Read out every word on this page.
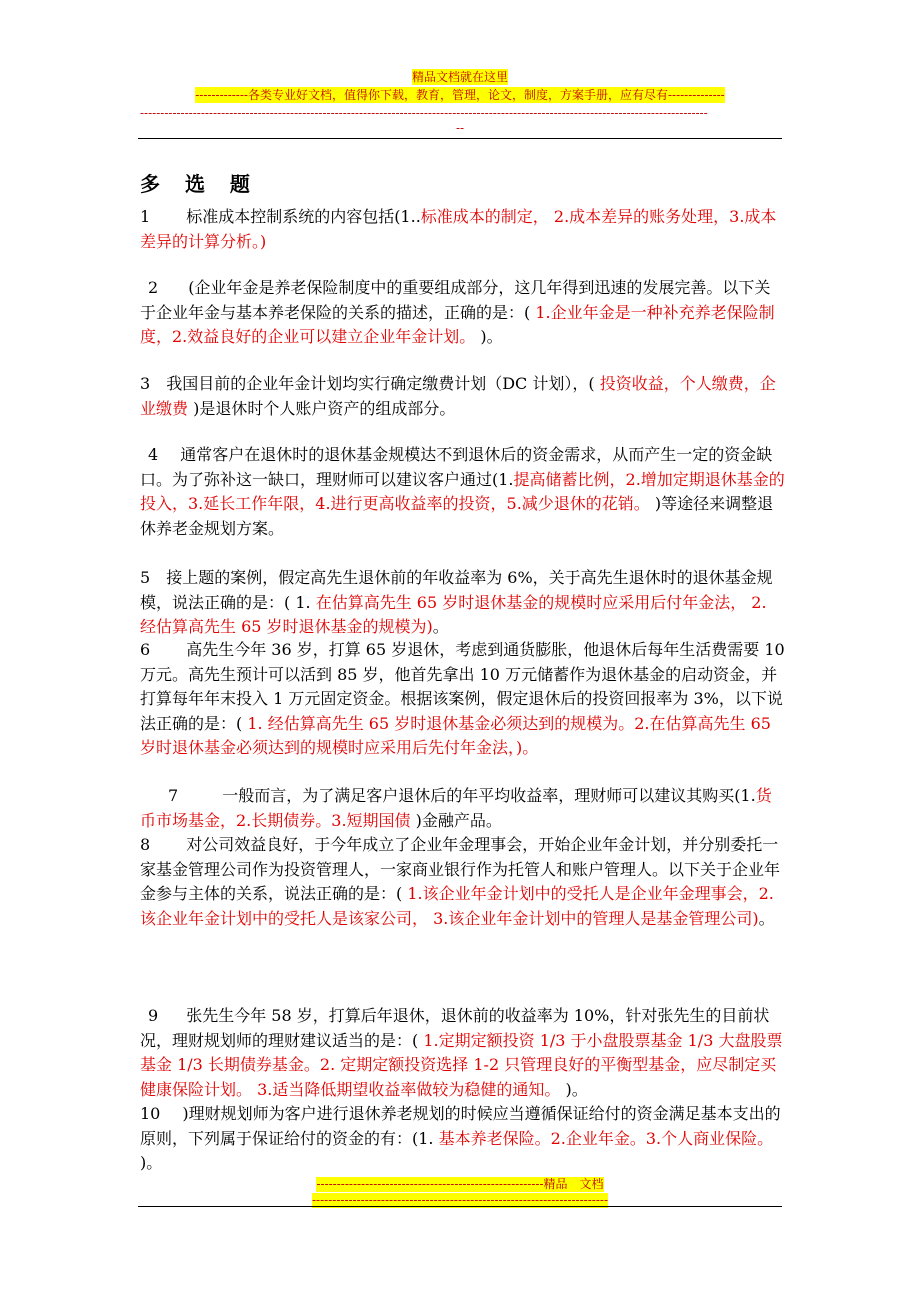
精品文档就在这里
-------------各类专业好文档，值得你下载，教育，管理，论文，制度，方案手册，应有尽有--------------
--------------------------------------------------------------------------------------------------------------------------------------------
--
多 选 题
1 标准成本控制系统的内容包括(1..标准成本的制定， 2.成本差异的账务处理，3.成本差异的计算分析。)
2 (企业年金是养老保险制度中的重要组成部分，这几年得到迅速的发展完善。以下关于企业年金与基本养老保险的关系的描述，正确的是：( 1.企业年金是一种补充养老保险制度，2.效益良好的企业可以建立企业年金计划。 )。
3 我国目前的企业年金计划均实行确定缴费计划（DC 计划），( 投资收益，个人缴费，企业缴费 )是退休时个人账户资产的组成部分。
4 通常客户在退休时的退休基金规模达不到退休后的资金需求，从而产生一定的资金缺口。为了弥补这一缺口，理财师可以建议客户通过(1.提高储蓄比例，2.增加定期退休基金的投入，3.延长工作年限，4.进行更高收益率的投资，5.减少退休的花销。 )等途径来调整退休养老金规划方案。
5 接上题的案例，假定高先生退休前的年收益率为 6%，关于高先生退休时的退休基金规模，说法正确的是：( 1. 在估算高先生 65 岁时退休基金的规模时应采用后付年金法， 2. 经估算高先生 65 岁时退休基金的规模为)。
6 高先生今年 36 岁，打算 65 岁退休，考虑到通货膨胀，他退休后每年生活费需要 10 万元。高先生预计可以活到 85 岁，他首先拿出 10 万元储蓄作为退休基金的启动资金，并打算每年年末投入 1 万元固定资金。根据该案例，假定退休后的投资回报率为 3%，以下说法正确的是：( 1. 经估算高先生 65 岁时退休基金必须达到的规模为。2.在估算高先生 65 岁时退休基金必须达到的规模时应采用后先付年金法，)。
7	一般而言，为了满足客户退休后的年平均收益率，理财师可以建议其购买(1.货币市场基金，2.长期债券。3.短期国债 )金融产品。
8 对公司效益良好，于今年成立了企业年金理事会，开始企业年金计划，并分别委托一家基金管理公司作为投资管理人，一家商业银行作为托管人和账户管理人。以下关于企业年金参与主体的关系，说法正确的是：( 1.该企业年金计划中的受托人是企业年金理事会，2. 该企业年金计划中的受托人是该家公司， 3.该企业年金计划中的管理人是基金管理公司)。
9 张先生今年 58 岁，打算后年退休，退休前的收益率为 10%，针对张先生的目前状况，理财规划师的理财建议适当的是：( 1.定期定额投资 1/3 于小盘股票基金 1/3 大盘股票基金 1/3 长期债券基金。2. 定期定额投资选择 1-2 只管理良好的平衡型基金，应尽制定买健康保险计划。 3.适当降低期望收益率做较为稳健的通知。 )。
10 )理财规划师为客户进行退休养老规划的时候应当遵循保证给付的资金满足基本支出的原则，下列属于保证给付的资金的有：(1. 基本养老保险。2.企业年金。3.个人商业保险。 )。
--------------------------------------------------------精品　文档
-------------------------------------------------------------------------
